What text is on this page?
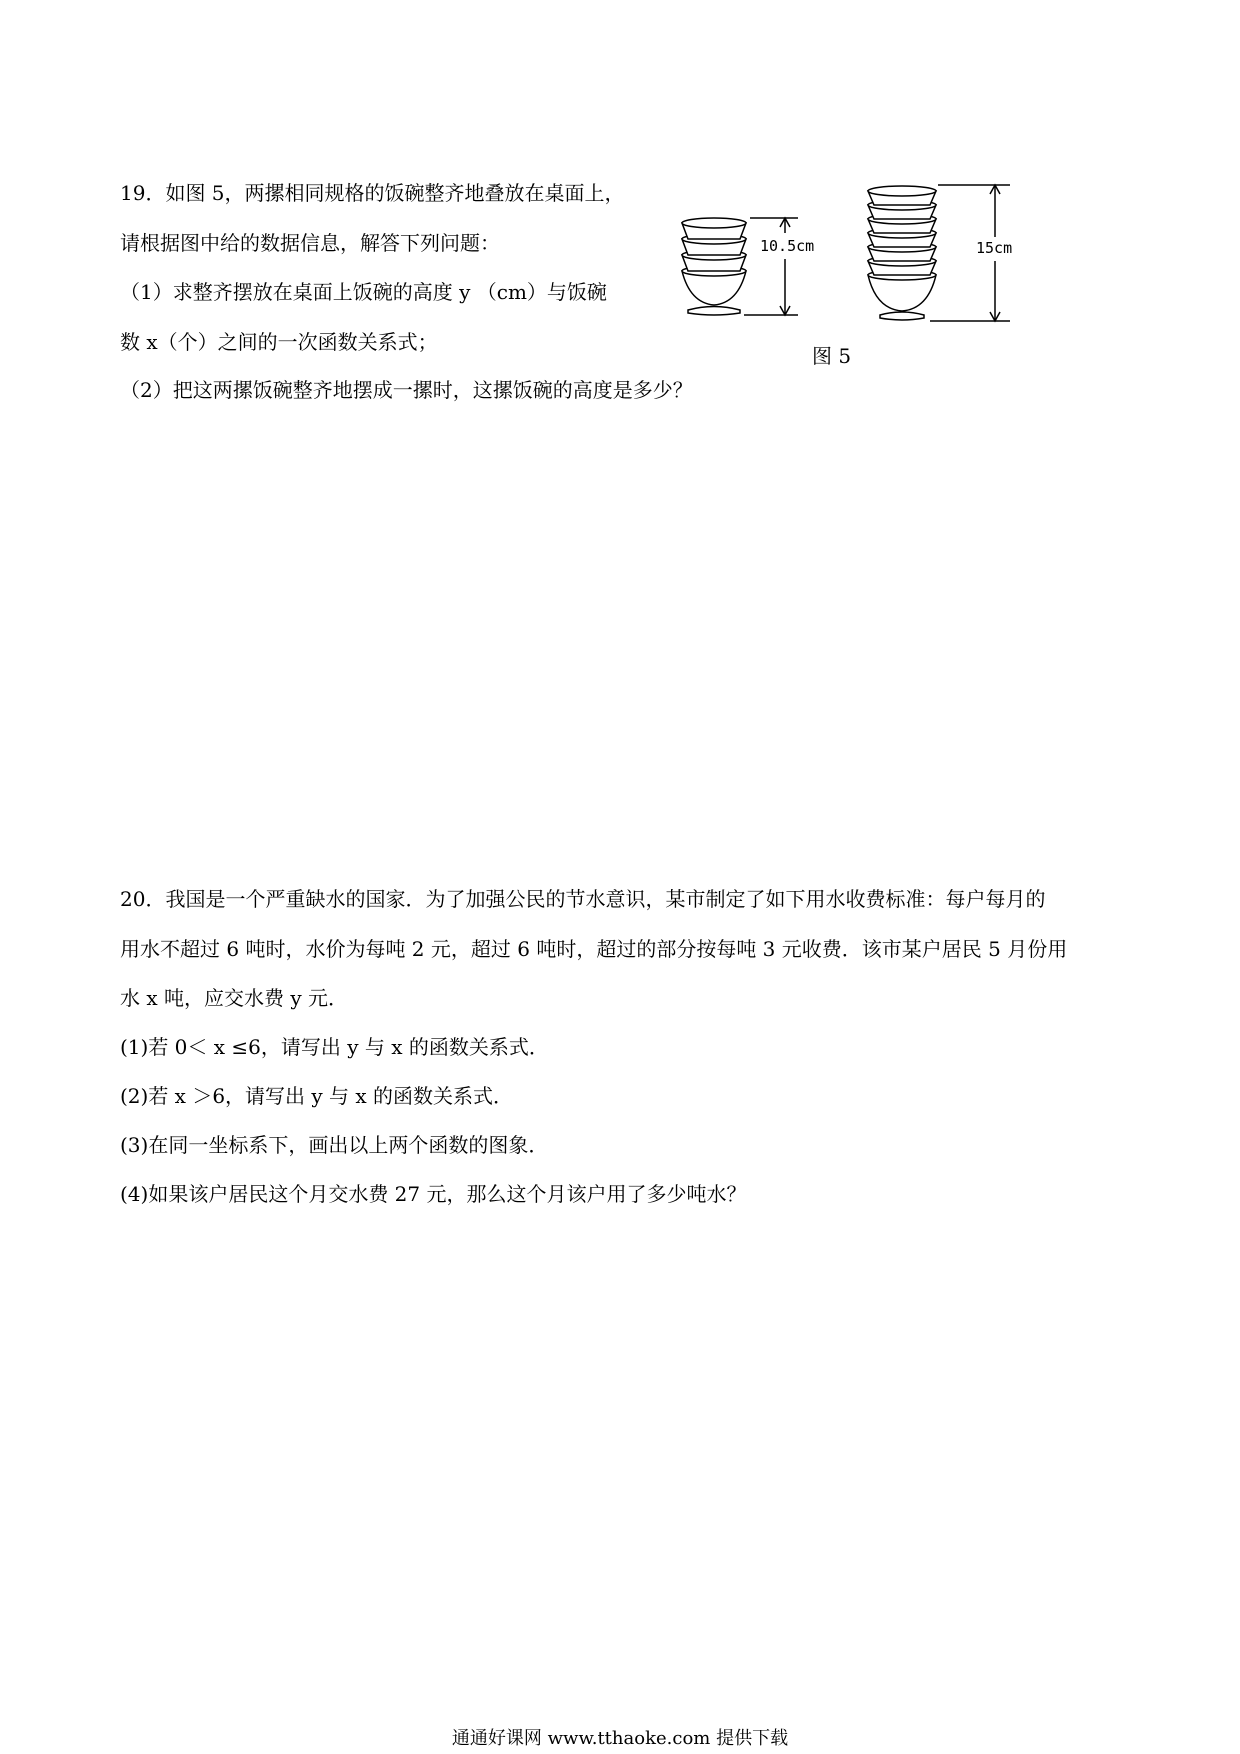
19．如图 5，两摞相同规格的饭碗整齐地叠放在桌面上，
请根据图中给的数据信息，解答下列问题：
（1）求整齐摆放在桌面上饭碗的高度 y （cm）与饭碗
数 x（个）之间的一次函数关系式；
（2）把这两摞饭碗整齐地摆成一摞时，这摞饭碗的高度是多少？
10.5cm	15cm
图 5
20．我国是一个严重缺水的国家．为了加强公民的节水意识，某市制定了如下用水收费标准：每户每月的
用水不超过 6 吨时，水价为每吨 2 元，超过 6 吨时，超过的部分按每吨 3 元收费．该市某户居民 5 月份用
水 x 吨，应交水费 y 元．
(1)若 0＜ x ≤6，请写出 y 与 x 的函数关系式．
(2)若 x ＞6，请写出 y 与 x 的函数关系式．
(3)在同一坐标系下，画出以上两个函数的图象．
(4)如果该户居民这个月交水费 27 元，那么这个月该户用了多少吨水？
通通好课网 www.tthaoke.com 提供下载
